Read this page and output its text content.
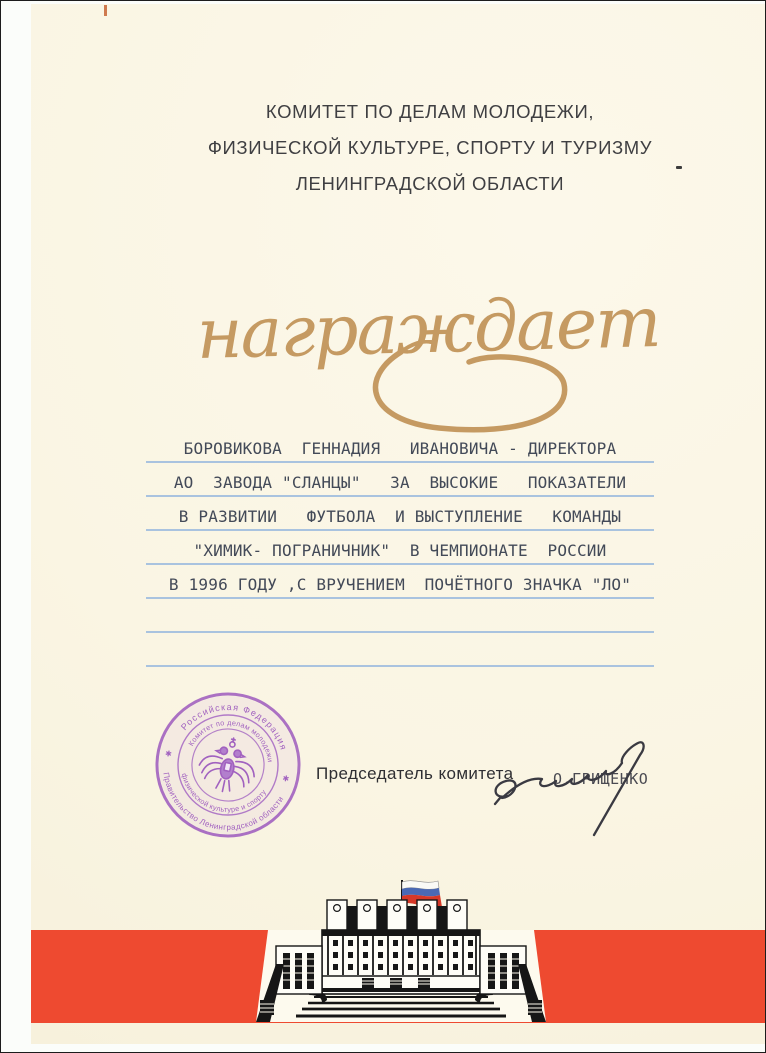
КОМИТЕТ ПО ДЕЛАМ МОЛОДЕЖИ,
ФИЗИЧЕСКОЙ КУЛЬТУРЕ, СПОРТУ И ТУРИЗМУ
ЛЕНИНГРАДСКОЙ ОБЛАСТИ
награждает
БОРОВИКОВА  ГЕННАДИЯ   ИВАНОВИЧА - ДИРЕКТОРА
АО  ЗАВОДА "СЛАНЦЫ"   ЗА  ВЫСОКИЕ   ПОКАЗАТЕЛИ
В РАЗВИТИИ   ФУТБОЛА  И ВЫСТУПЛЕНИЕ   КОМАНДЫ
"ХИМИК- ПОГРАНИЧНИК"  В ЧЕМПИОНАТЕ  РОССИИ
В 1996 ГОДУ ,С ВРУЧЕНИЕМ  ПОЧЁТНОГО ЗНАЧКА "ЛО"
Российская Федерация
Правительство Ленинградской области
Комитет по делам молодежи
физической культуре и спорту
✱
✱ Председатель комитета	О.ГРИЩЕНКО
